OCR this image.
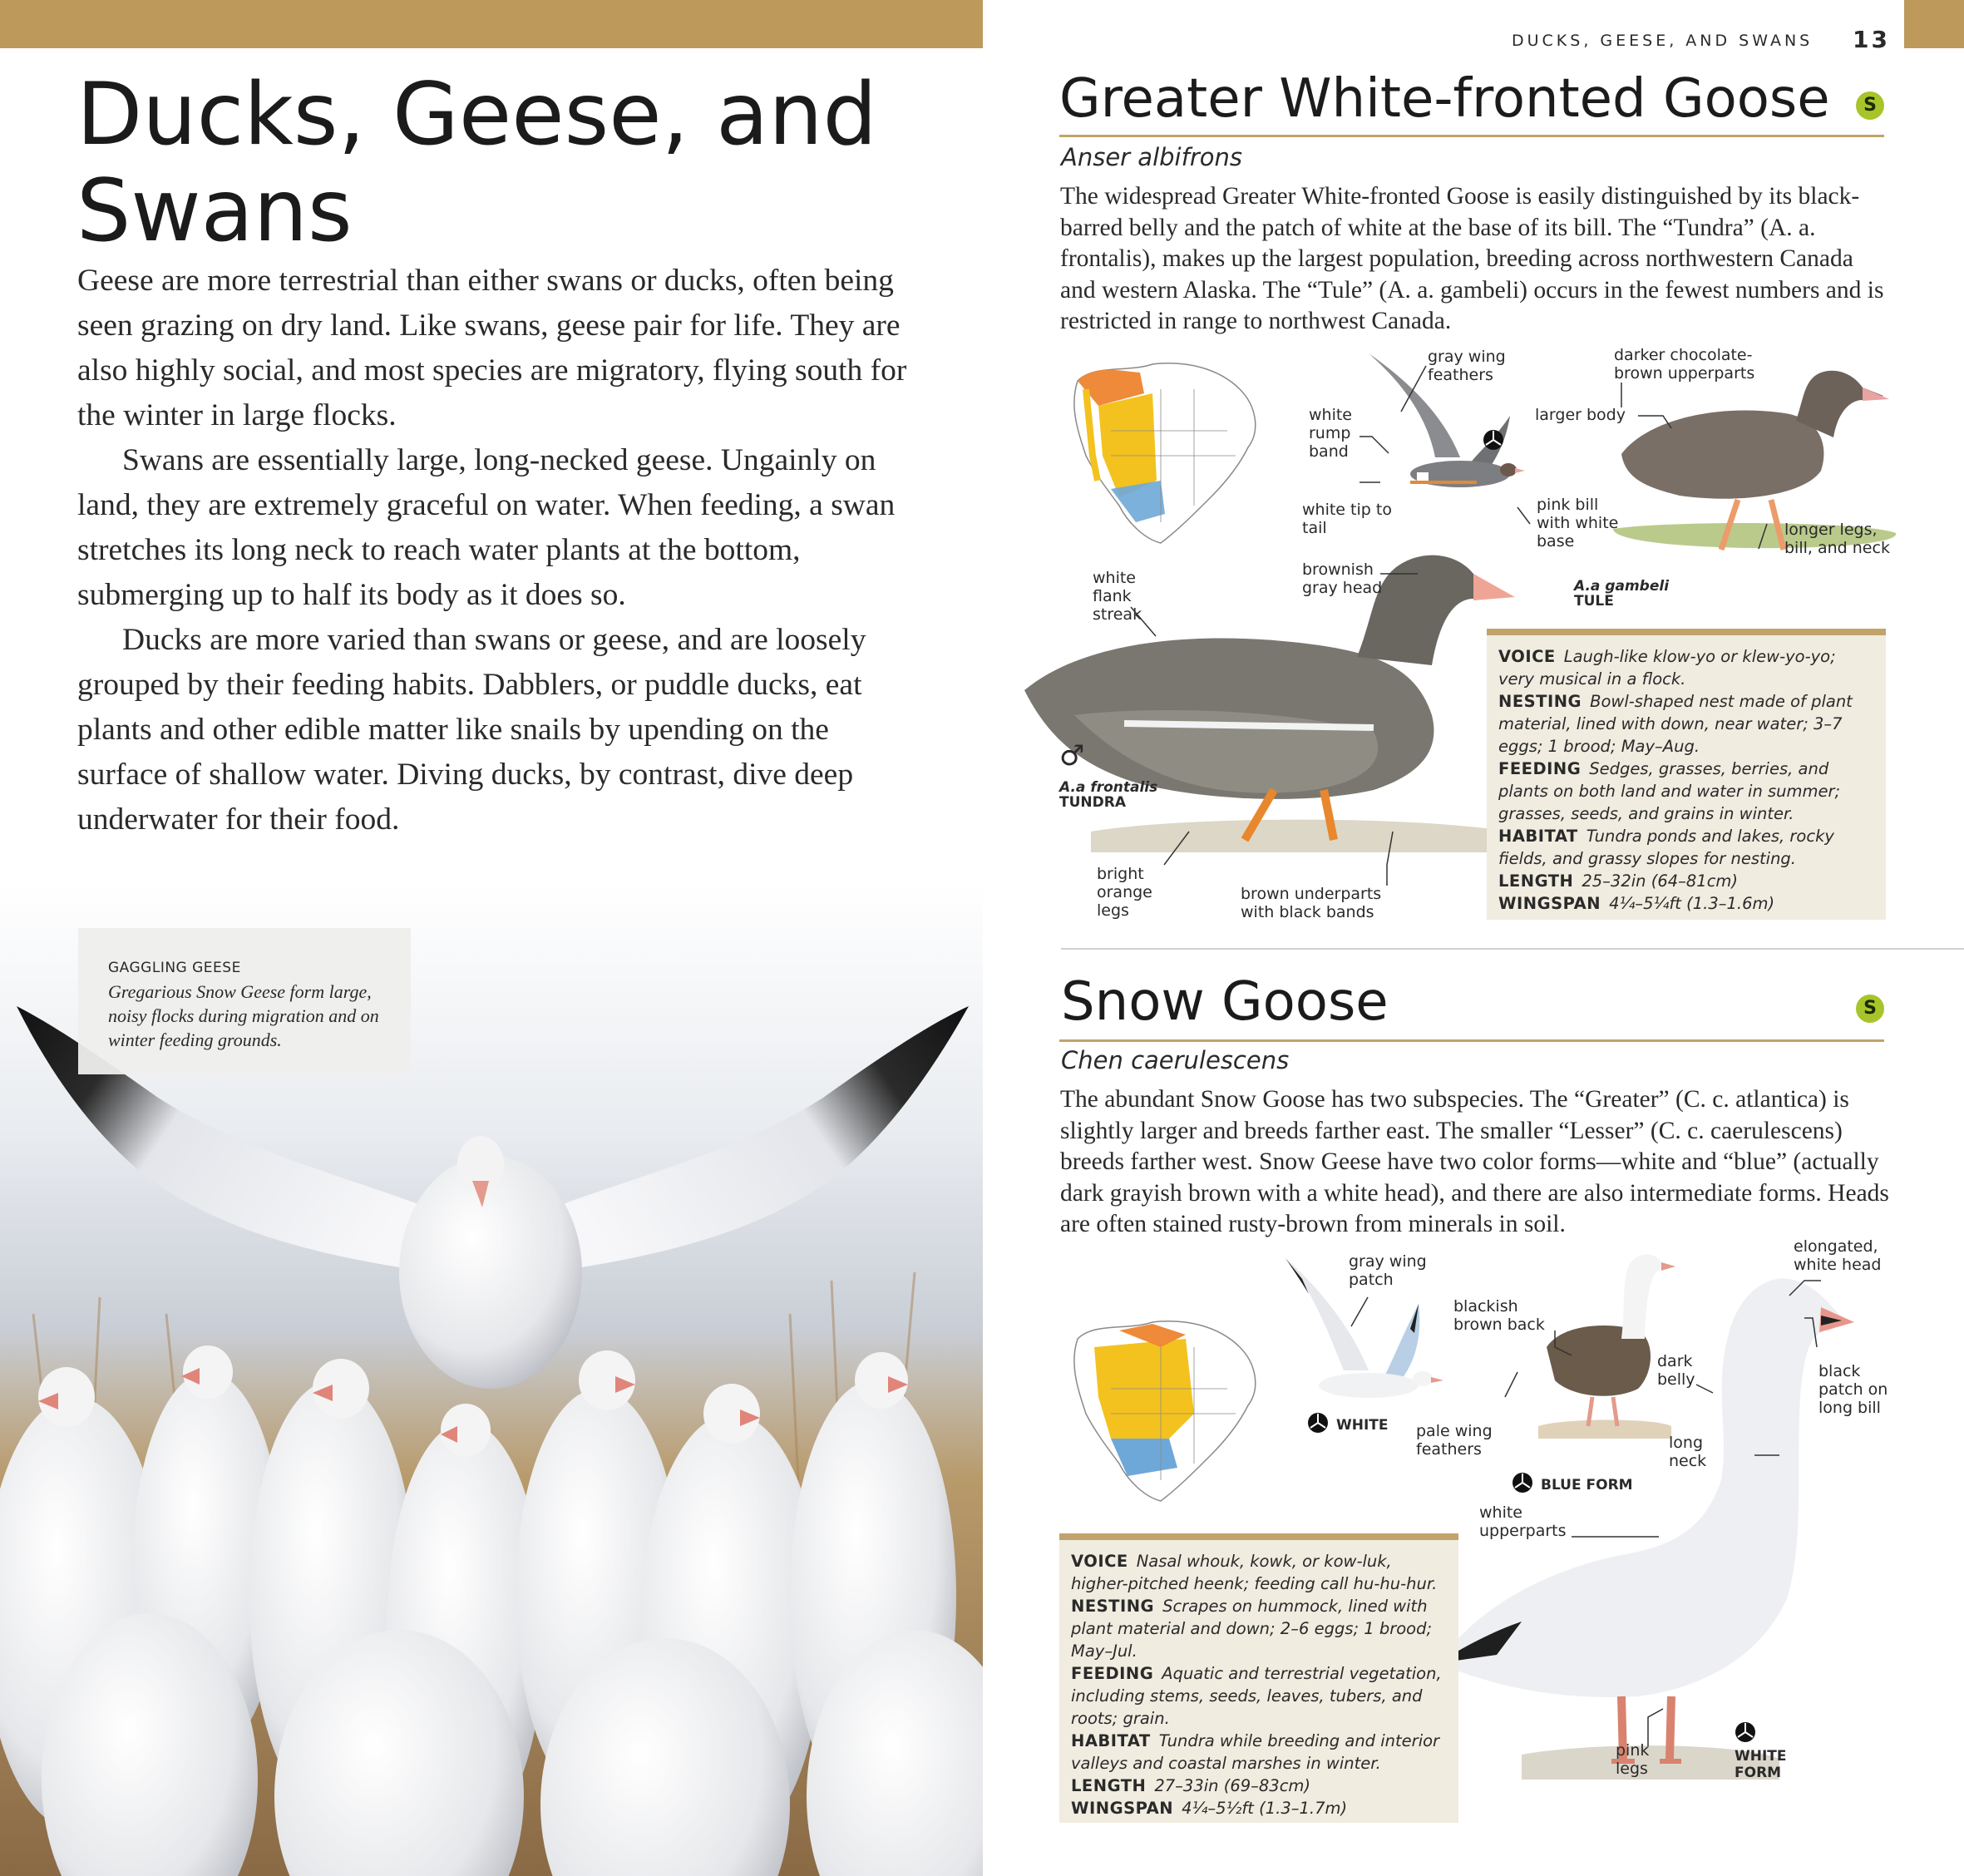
Ducks, Geese, and Swans

Geese are more terrestrial than either swans or ducks, often being seen grazing on dry land. Like swans, geese pair for life. They are also highly social, and most species are migratory, flying south for the winter in large flocks.

Swans are essentially large, long-necked geese. Ungainly on land, they are extremely graceful on water. When feeding, a swan stretches its long neck to reach water plants at the bottom, submerging up to half its body as it does so.

Ducks are more varied than swans or geese, and are loosely grouped by their feeding habits. Dabblers, or puddle ducks, eat plants and other edible matter like snails by upending on the surface of shallow water. Diving ducks, by contrast, dive deep underwater for their food.

GAGGLING GEESE
Gregarious Snow Geese form large, noisy flocks during migration and on winter feeding grounds.
DUCKS, GEESE, AND SWANS 13
Greater White-fronted Goose	S
Anser albifrons
The widespread Greater White-fronted Goose is easily distinguished by its black-barred belly and the patch of white at the base of its bill. The “Tundra” (A. a. frontalis), makes up the largest population, breeding across northwestern Canada and western Alaska. The “Tule” (A. a. gambeli) occurs in the fewest numbers and is restricted in range to northwest Canada.
gray wing feathers
white rump band
white tip to tail
darker chocolate-brown upperparts
larger body
pink bill with white base
longer legs, bill, and neck
A.a gambeli
TULE
white flank streak
brownish gray head
♂
A.a frontalis
TUNDRA
bright orange legs
brown underparts with black bands
VOICE Laugh-like klow-yo or klew-yo-yo; very musical in a flock.
NESTING Bowl-shaped nest made of plant material, lined with down, near water; 3–7 eggs; 1 brood; May–Aug.
FEEDING Sedges, grasses, berries, and plants on both land and water in summer; grasses, seeds, and grains in winter.
HABITAT Tundra ponds and lakes, rocky fields, and grassy slopes for nesting.
LENGTH 25–32in (64–81cm)
WINGSPAN 4¼–5¼ft (1.3–1.6m)
Snow Goose	S
Chen caerulescens
The abundant Snow Goose has two subspecies. The “Greater” (C. c. atlantica) is slightly larger and breeds farther east. The smaller “Lesser” (C. c. caerulescens) breeds farther west. Snow Geese have two color forms—white and “blue” (actually dark grayish brown with a white head), and there are also intermediate forms. Heads are often stained rusty-brown from minerals in soil.
gray wing patch
WHITE
blackish brown back
dark belly
pale wing feathers
BLUE FORM
elongated, white head
black patch on long bill
long neck
white upperparts
pink legs
WHITE FORM
VOICE Nasal whouk, kowk, or kow-luk, higher-pitched heenk; feeding call hu-hu-hur.
NESTING Scrapes on hummock, lined with plant material and down; 2–6 eggs; 1 brood; May–Jul.
FEEDING Aquatic and terrestrial vegetation, including stems, seeds, leaves, tubers, and roots; grain.
HABITAT Tundra while breeding and interior valleys and coastal marshes in winter.
LENGTH 27–33in (69–83cm)
WINGSPAN 4¼–5½ft (1.3–1.7m)
